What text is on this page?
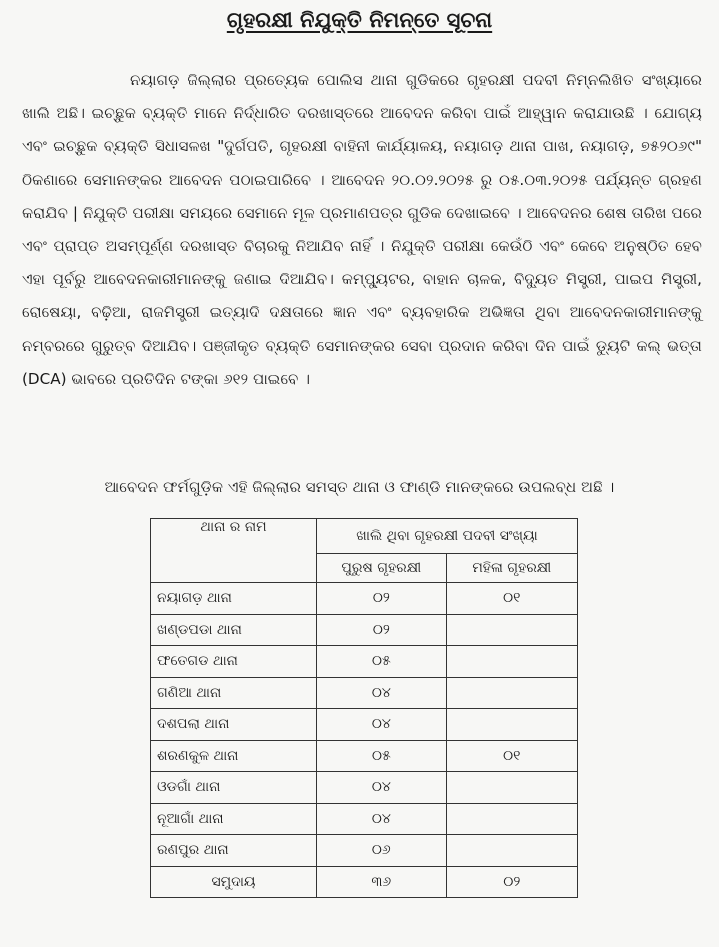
ଗୃହରକ୍ଷୀ ନିଯୁକ୍ତି ନିମନ୍ତେ ସୂଚନା

ନୟାଗଡ଼ ଜିଲ୍ଲାର ପ୍ରତ୍ୟେକ ପୋଲିସ ଥାନା ଗୁଡିକରେ ଗୃହରକ୍ଷୀ ପଦବୀ ନିମ୍ନଲିଖିତ ସଂଖ୍ୟାରେ ଖାଲି ଅଛି। ଇଚ୍ଛୁକ ବ୍ୟକ୍ତି ମାନେ ନିର୍ଦ୍ଧାରିତ ଦରଖାସ୍ତରେ ଆବେଦନ କରିବା ପାଇଁ ଆହ୍ୱାନ କରାଯାଉଛି । ଯୋଗ୍ୟ ଏବଂ ଇଚ୍ଛୁକ ବ୍ୟକ୍ତି ସିଧାସଳଖ "ଦୁର୍ଗପତି, ଗୃହରକ୍ଷୀ ବାହିନୀ କାର୍ଯ୍ୟାଳୟ, ନୟାଗଡ଼ ଥାନା ପାଖ, ନୟାଗଡ଼, ୭୫୨୦୬୯" ଠିକଣାରେ ସେମାନଙ୍କର ଆବେଦନ ପଠାଇପାରିବେ । ଆବେଦନ ୨୦.୦୨.୨୦୨୫ ରୁ ୦୫.୦୩.୨୦୨୫ ପର୍ଯ୍ୟନ୍ତ ଗ୍ରହଣ କରାଯିବ | ନିଯୁକ୍ତି ପରୀକ୍ଷା ସମୟରେ ସେମାନେ ମୂଳ ପ୍ରମାଣପତ୍ର ଗୁଡିକ ଦେଖାଇବେ । ଆବେଦନର ଶେଷ ତାରିଖ ପରେ ଏବଂ ପ୍ରାପ୍ତ ଅସମ୍ପୂର୍ଣ୍ଣ ଦରଖାସ୍ତ ବିଚାରକୁ ନିଆଯିବ ନାହିଁ । ନିଯୁକ୍ତି ପରୀକ୍ଷା କେଉଁଠି ଏବଂ କେବେ ଅନୁଷ୍ଠିତ ହେବ ଏହା ପୂର୍ବରୁ ଆବେଦନକାରୀମାନଙ୍କୁ ଜଣାଇ ଦିଆଯିବ। କମ୍ପ୍ୟୁଟର, ବାହାନ ଚାଳକ, ବିଦ୍ୟୁତ ମିସ୍ତ୍ରୀ, ପାଇପ ମିସ୍ତ୍ରୀ, ରୋଷେୟା, ବଢ଼ିଆ, ରାଜମିସ୍ତ୍ରୀ ଇତ୍ୟାଦି ଦକ୍ଷତାରେ ଜ୍ଞାନ ଏବଂ ବ୍ୟବହାରିକ ଅଭିଜ୍ଞତା ଥିବା ଆବେଦନକାରୀମାନଙ୍କୁ ନମ୍ବରରେ ଗୁରୁତ୍ବ ଦିଆଯିବ। ପଞ୍ଜୀକୃତ ବ୍ୟକ୍ତି ସେମାନଙ୍କର ସେବା ପ୍ରଦାନ କରିବା ଦିନ ପାଇଁ ଡ୍ୟୁଟି କଲ୍ ଭତ୍ତା (DCA) ଭାବରେ ପ୍ରତିଦିନ ଟଙ୍କା ୬୧୨ ପାଇବେ ।

ଆବେଦନ ଫର୍ମଗୁଡ଼ିକ ଏହି ଜିଲ୍ଲାର ସମସ୍ତ ଥାନା ଓ ଫାଣ୍ଡି ମାନଙ୍କରେ ଉପଲବ୍ଧ ଅଛି ।
ଥାନା ର ନାମ	ଖାଲି ଥିବା ଗୃହରକ୍ଷୀ ପଦବୀ ସଂଖ୍ୟା	
	ପୁରୁଷ ଗୃହରକ୍ଷୀ	ମହିଳା ଗୃହରକ୍ଷୀ
ନୟାଗଡ଼ ଥାନା	୦୨	୦୧
ଖଣ୍ଡପଡା ଥାନା	୦୨	
ଫତେଗଡ ଥାନା	୦୫	
ଗଣିଆ ଥାନା	୦୪	
ଦଶପଲା ଥାନା	୦୪	
ଶରଣକୁଳ ଥାନା	୦୫	୦୧
ଓଡଗାଁ ଥାନା	୦୪	
ନୂଆଗାଁ ଥାନା	୦୪	
ରଣପୁର ଥାନା	୦୬	
ସମୁଦାୟ	୩୬	୦୨
